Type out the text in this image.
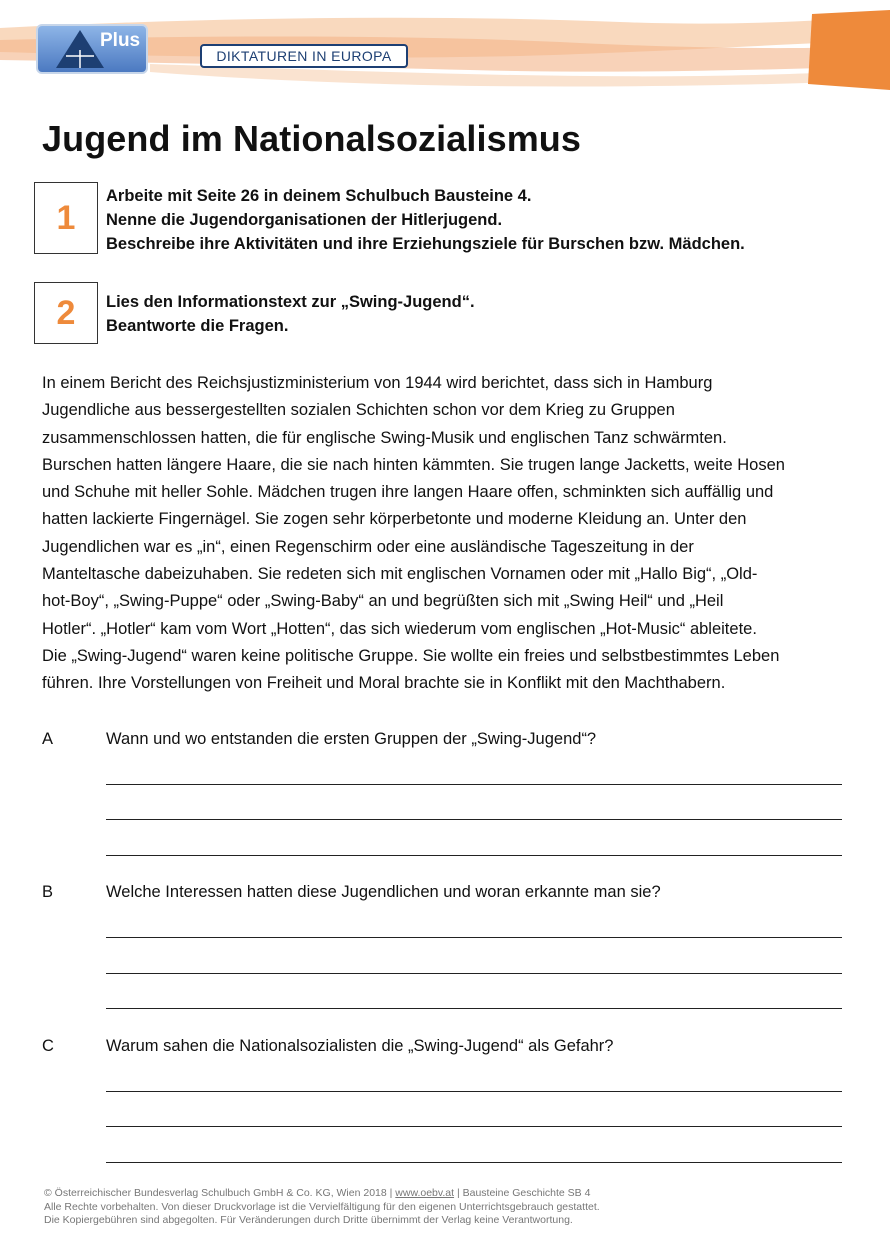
Plus
DIKTATUREN IN EUROPA
Jugend im Nationalsozialismus
1
Arbeite mit Seite 26 in deinem Schulbuch Bausteine 4.
Nenne die Jugendorganisationen der Hitlerjugend.
Beschreibe ihre Aktivitäten und ihre Erziehungsziele für Burschen bzw. Mädchen.
2	Lies den Informationstext zur „Swing-Jugend“.
Beantworte die Fragen.
In einem Bericht des Reichsjustizministerium von 1944 wird berichtet, dass sich in Hamburg
Jugendliche aus bessergestellten sozialen Schichten schon vor dem Krieg zu Gruppen
zusammenschlossen hatten, die für englische Swing-Musik und englischen Tanz schwärmten.
Burschen hatten längere Haare, die sie nach hinten kämmten. Sie trugen lange Jacketts, weite Hosen
und Schuhe mit heller Sohle. Mädchen trugen ihre langen Haare offen, schminkten sich auffällig und
hatten lackierte Fingernägel. Sie zogen sehr körperbetonte und moderne Kleidung an. Unter den
Jugendlichen war es „in“, einen Regenschirm oder eine ausländische Tageszeitung in der
Manteltasche dabeizuhaben. Sie redeten sich mit englischen Vornamen oder mit „Hallo Big“, „Old-
hot-Boy“, „Swing-Puppe“ oder „Swing-Baby“ an und begrüßten sich mit „Swing Heil“ und „Heil
Hotler“. „Hotler“ kam vom Wort „Hotten“, das sich wiederum vom englischen „Hot-Music“ ableitete.
Die „Swing-Jugend“ waren keine politische Gruppe. Sie wollte ein freies und selbstbestimmtes Leben
führen. Ihre Vorstellungen von Freiheit und Moral brachte sie in Konflikt mit den Machthabern.
A	Wann und wo entstanden die ersten Gruppen der „Swing-Jugend“?
B	Welche Interessen hatten diese Jugendlichen und woran erkannte man sie?
C	Warum sahen die Nationalsozialisten die „Swing-Jugend“ als Gefahr?
© Österreichischer Bundesverlag Schulbuch GmbH & Co. KG, Wien 2018 | www.oebv.at | Bausteine Geschichte SB 4
Alle Rechte vorbehalten. Von dieser Druckvorlage ist die Vervielfältigung für den eigenen Unterrichtsgebrauch gestattet.
Die Kopiergebühren sind abgegolten. Für Veränderungen durch Dritte übernimmt der Verlag keine Verantwortung.
